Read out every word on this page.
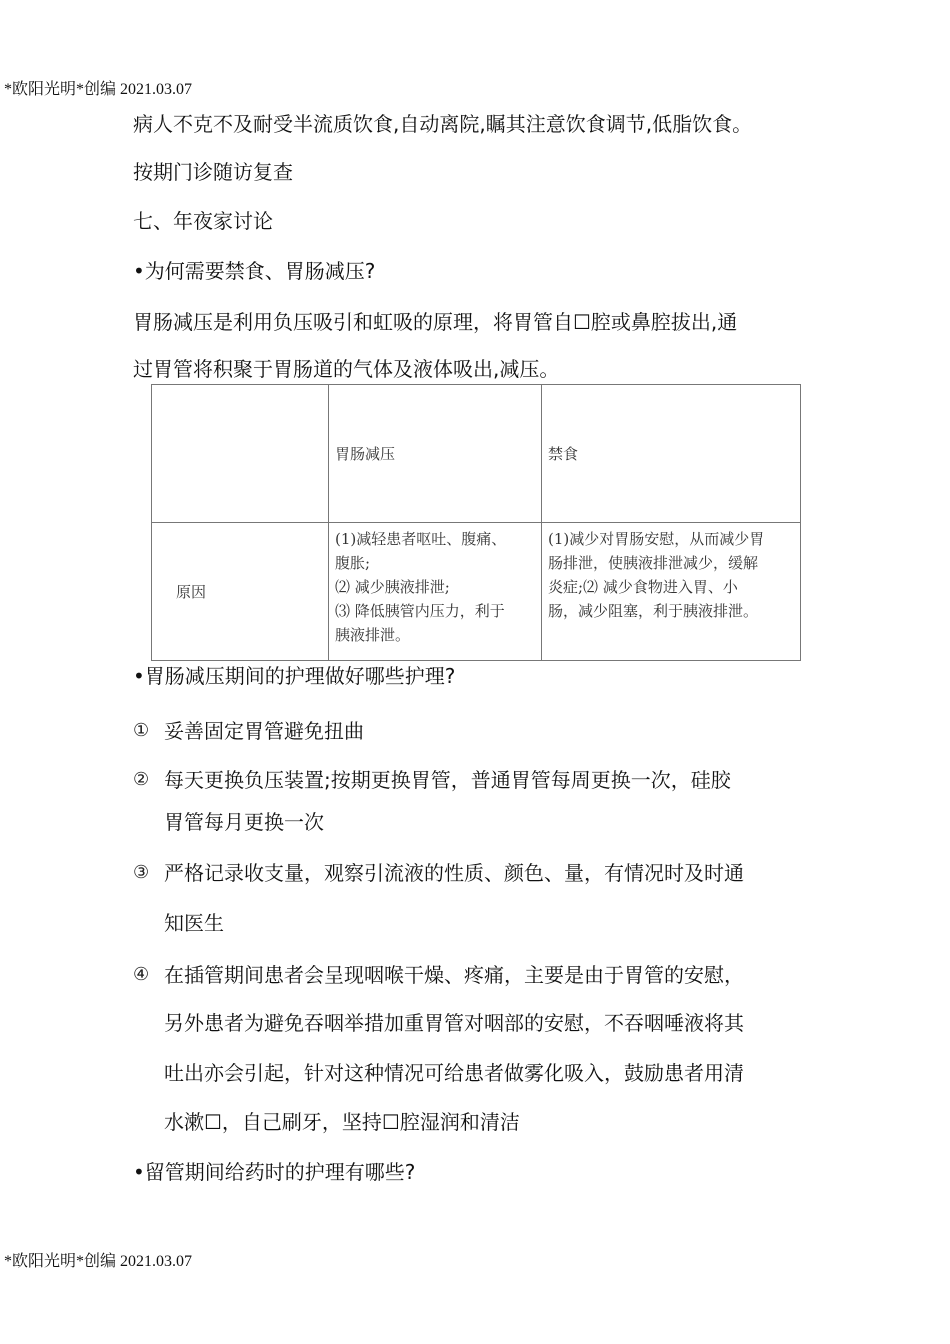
*欧阳光明*创编 2021.03.07
病人不克不及耐受半流质饮食,自动离院,瞩其注意饮食调节,低脂饮食。
按期门诊随访复查
七、年夜家讨论
•为何需要禁食、胃肠减压?
胃肠减压是利用负压吸引和虹吸的原理，将胃管自☐腔或鼻腔拔出,通
过胃管将积聚于胃肠道的气体及液体吸出,减压。
	胃肠减压	禁食
原因	(1)减轻患者呕吐、腹痛、
腹胀;
⑵ 减少胰液排泄;
⑶ 降低胰管内压力，利于
胰液排泄。	(1)减少对胃肠安慰，从而减少胃
肠排泄，使胰液排泄减少，缓解
炎症;⑵ 减少食物进入胃、小
肠，减少阻塞，利于胰液排泄。
•胃肠减压期间的护理做好哪些护理?
① 妥善固定胃管避免扭曲
② 每天更换负压装置;按期更换胃管，普通胃管每周更换一次，硅胶
胃管每月更换一次
③ 严格记录收支量，观察引流液的性质、颜色、量，有情况时及时通
知医生
④ 在插管期间患者会呈现咽喉干燥、疼痛，主要是由于胃管的安慰，
另外患者为避免吞咽举措加重胃管对咽部的安慰，不吞咽唾液将其
吐出亦会引起，针对这种情况可给患者做雾化吸入，鼓励患者用清
水漱☐，自己刷牙，坚持☐腔湿润和清洁
•留管期间给药时的护理有哪些?
*欧阳光明*创编 2021.03.07
